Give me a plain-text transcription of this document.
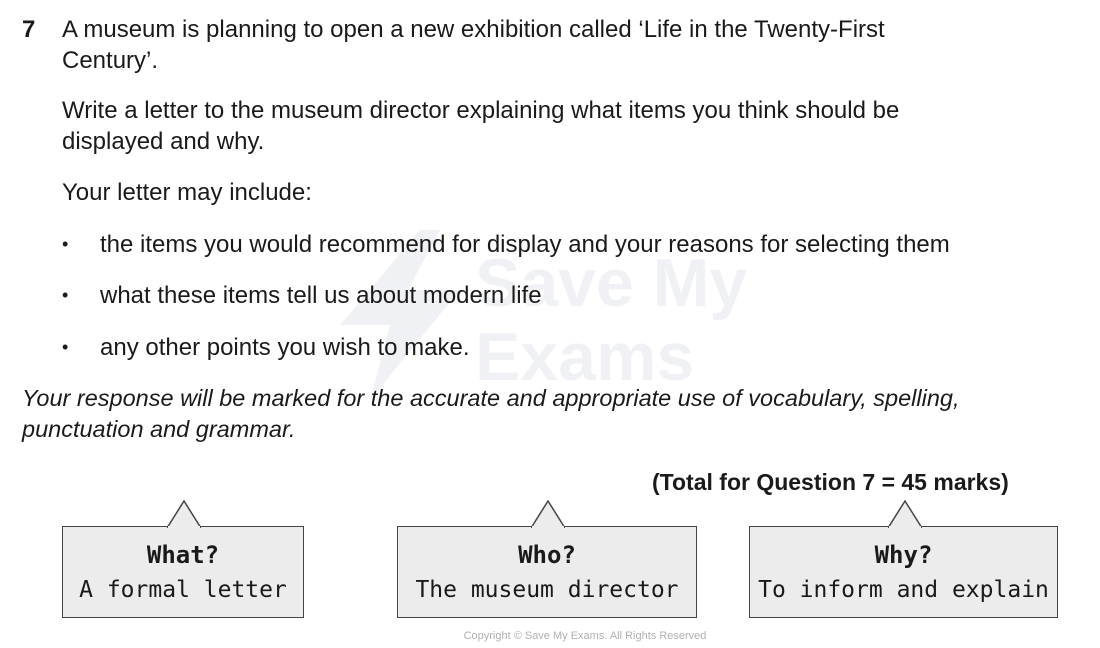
Save My
Exams
7 A museum is planning to open a new exhibition called ‘Life in the Twenty-First Century’.
Write a letter to the museum director explaining what items you think should be displayed and why.
Your letter may include:
• the items you would recommend for display and your reasons for selecting them
• what these items tell us about modern life
• any other points you wish to make.
Your response will be marked for the accurate and appropriate use of vocabulary, spelling, punctuation and grammar.
(Total for Question 7 = 45 marks)
What?
A formal letter
Who?
The museum director
Why?
To inform and explain
Copyright © Save My Exams. All Rights Reserved
